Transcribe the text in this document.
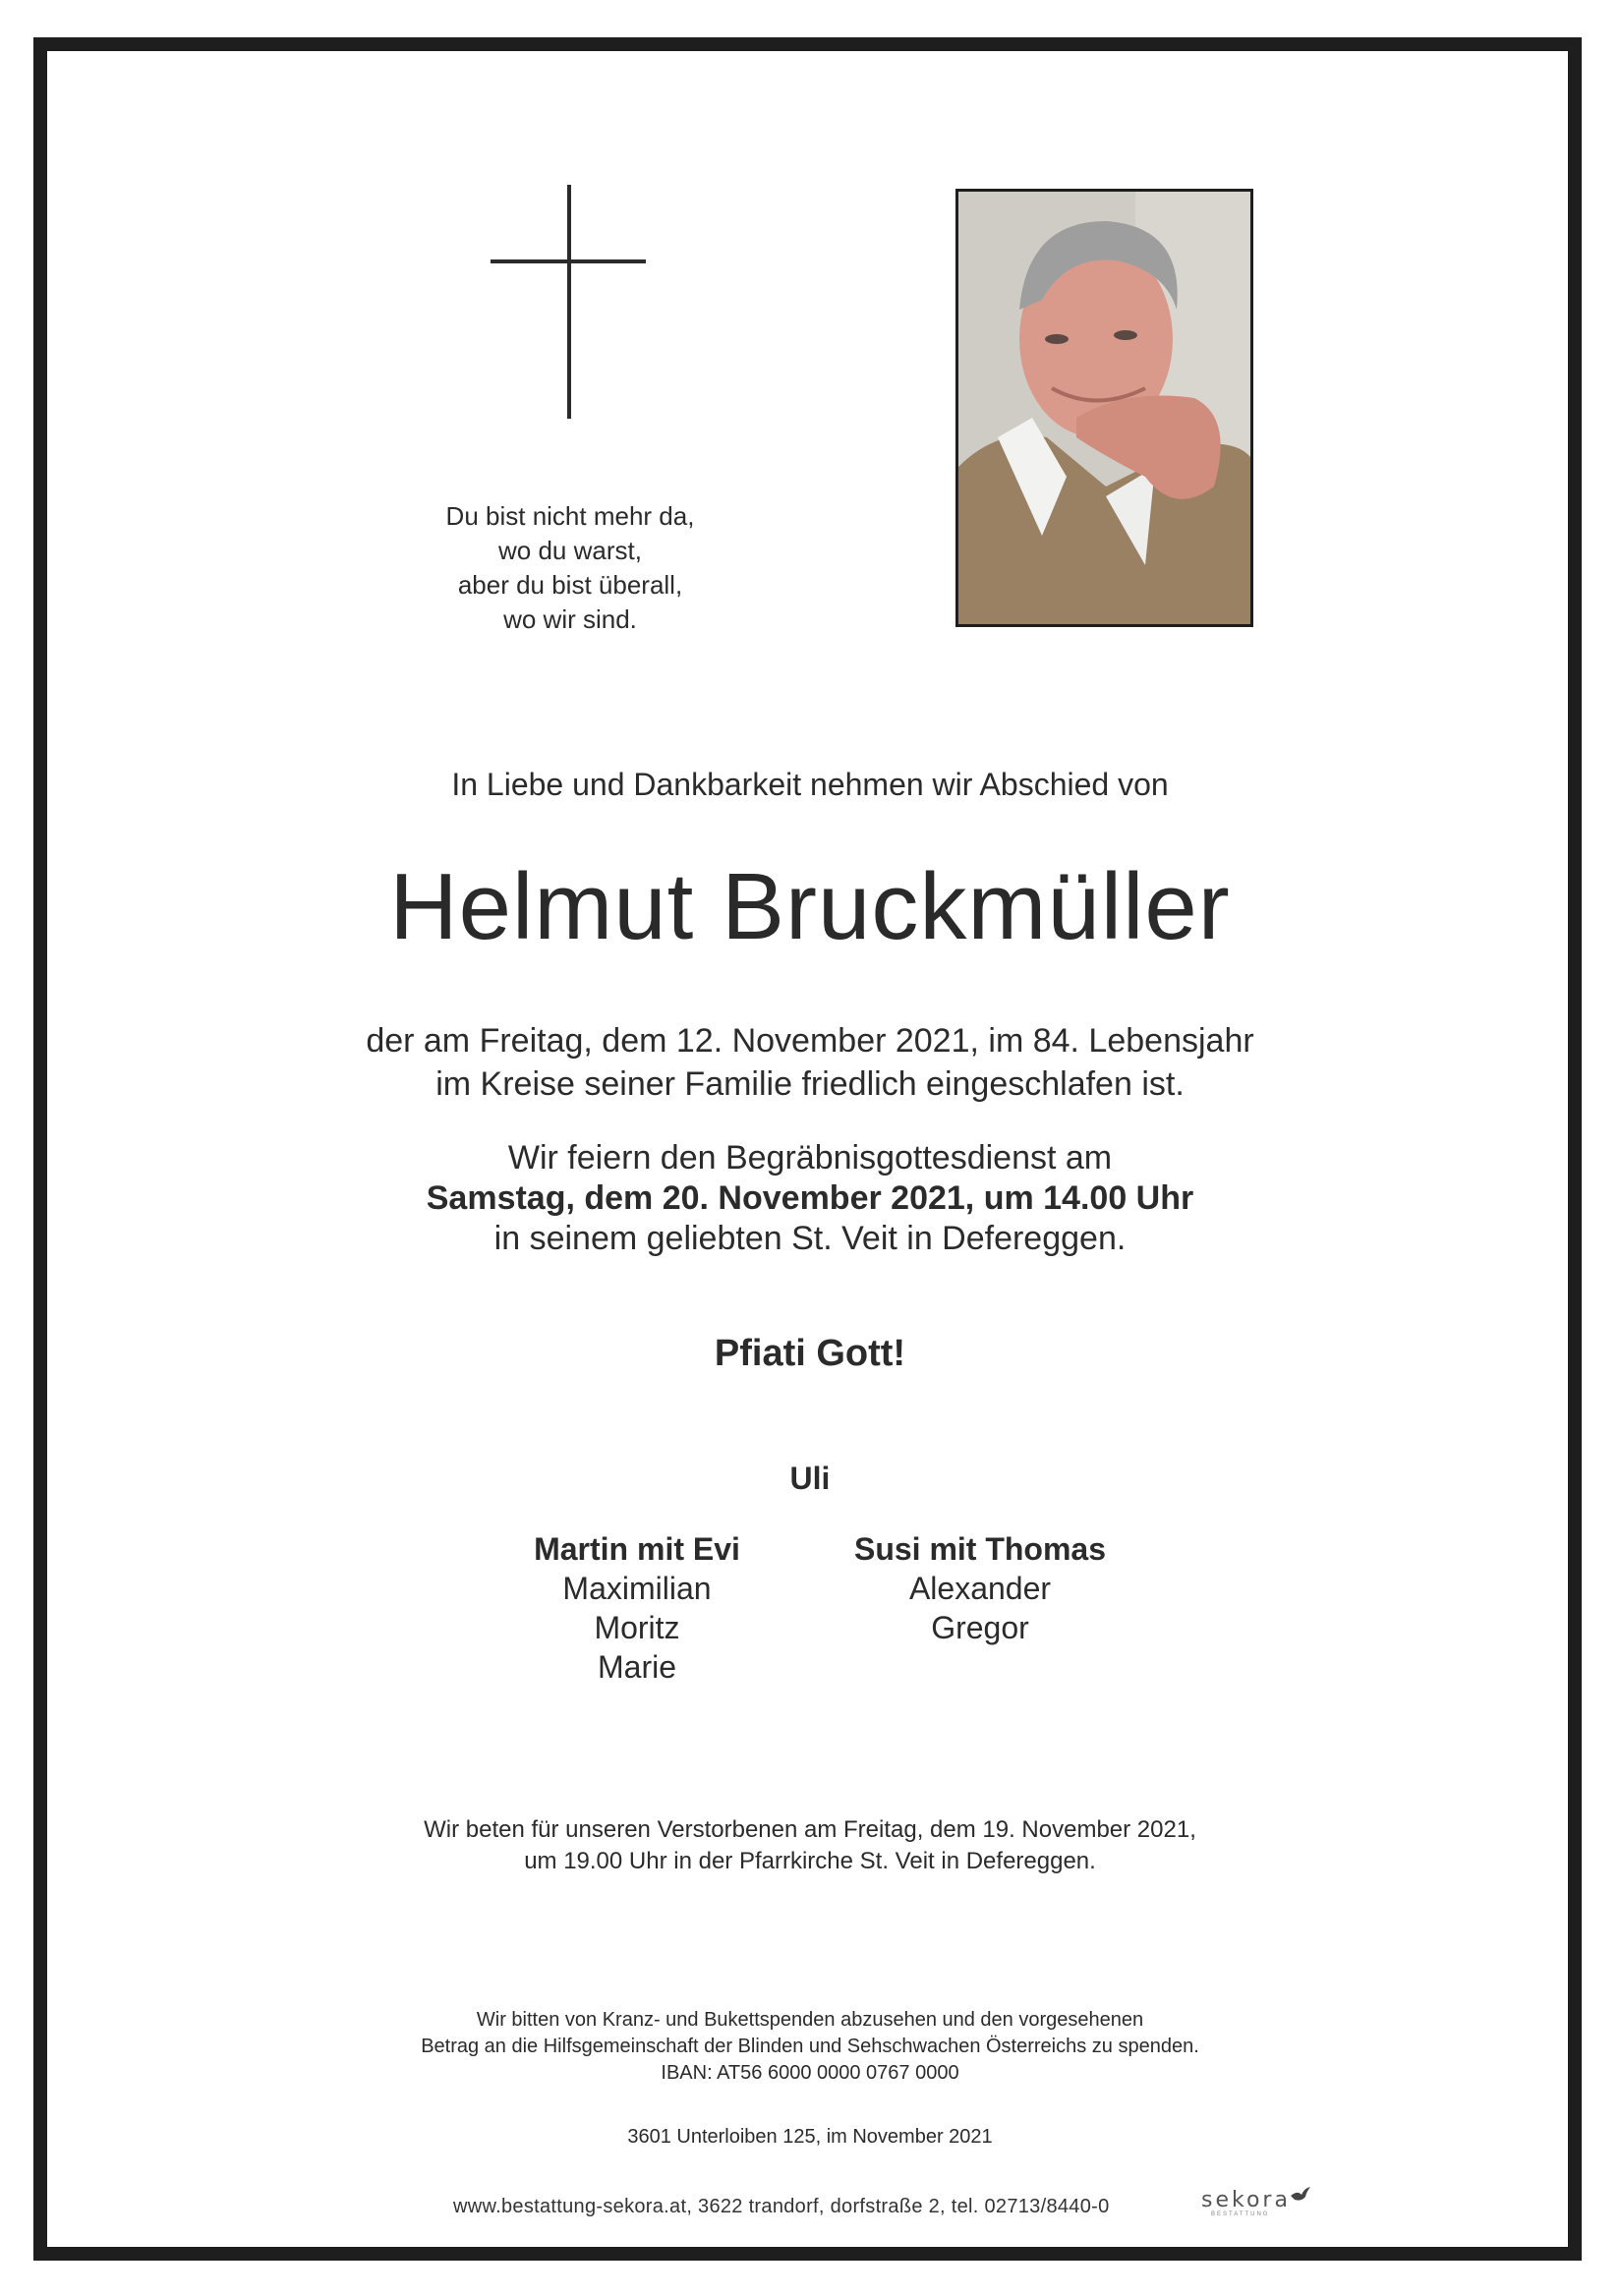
Du bist nicht mehr da,
wo du warst,
aber du bist überall,
wo wir sind.
In Liebe und Dankbarkeit nehmen wir Abschied von
Helmut Bruckmüller
der am Freitag, dem 12. November 2021, im 84. Lebensjahr
im Kreise seiner Familie friedlich eingeschlafen ist.
Wir feiern den Begräbnisgottesdienst am
Samstag, dem 20. November 2021, um 14.00 Uhr
in seinem geliebten St. Veit in Defereggen.
Pfiati Gott!
Uli
Martin mit Evi
Maximilian
Moritz
Marie
Susi mit Thomas
Alexander
Gregor
Wir beten für unseren Verstorbenen am Freitag, dem 19. November 2021,
um 19.00 Uhr in der Pfarrkirche St. Veit in Defereggen.
Wir bitten von Kranz- und Bukettspenden abzusehen und den vorgesehenen
Betrag an die Hilfsgemeinschaft der Blinden und Sehschwachen Österreichs zu spenden.
IBAN: AT56 6000 0000 0767 0000
3601 Unterloiben 125, im November 2021
www.bestattung-sekora.at, 3622 trandorf, dorfstraße 2, tel. 02713/8440-0	sekora
BESTATTUNG
